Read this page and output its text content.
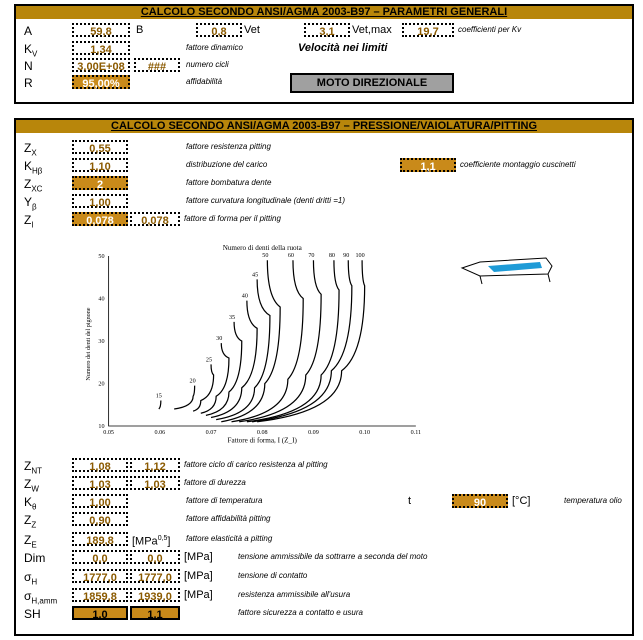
CALCOLO SECONDO ANSI/AGMA 2003-B97 – PARAMETRI GENERALI
A	59,8	B	0,8	Vet	3,1	Vet,max	19,7	coefficienti per Kv
$K_V$	1,34	fattore dinamico	Velocità nei limiti
N	3,00E+08	###	numero cicli
R	95,00%	affidabilità	MOTO DIREZIONALE
CALCOLO SECONDO ANSI/AGMA 2003-B97 – PRESSIONE/VAIOLATURA/PITTING
$Z_X$	0,55	fattore resistenza pitting
$K_{H\beta}$	1,10	distribuzione del carico	1,1	coefficiente montaggio cuscinetti
$Z_{XC}$	2	fattore bombatura dente
$Y_\beta$	1,00	fattore curvatura longitudinale (denti dritti =1)
$Z_I$	0,078	0,078	fattore di forma per il pitting
$Z_{NT}$	1,08	1,12	fattore ciclo di carico resistenza al pitting
$Z_W$	1,03	1,03	fattore di durezza
$K_\theta$	1,00	fattore di temperatura	t	90	[°C]	temperatura olio
$Z_Z$	0,90	fattore affidabilità pitting
$Z_E$	189,8	[MPa$^{0,5}$] fattore elasticità a pitting
Dim	0,0	0,0	[MPa]	tensione ammissibile da sottrarre a seconda del moto
$\sigma_H$	1777,0	1777,0	[MPa]	tensione di contatto
$\sigma_{H,amm}$	1859,8	1939,0	[MPa]	resistenza ammissibile all'usura
SH	1,0	1,1	fattore sicurezza a contatto e usura
Numero di denti della ruota
Fattore di forma, I (Z_I)
Numero dei denti del pignone
0.05	0.06	0.07	0.08	0.09	0.10	0.11
10
20
30
40
50
15
20
25
30
35
40
45
50	60 70 80 90 100
